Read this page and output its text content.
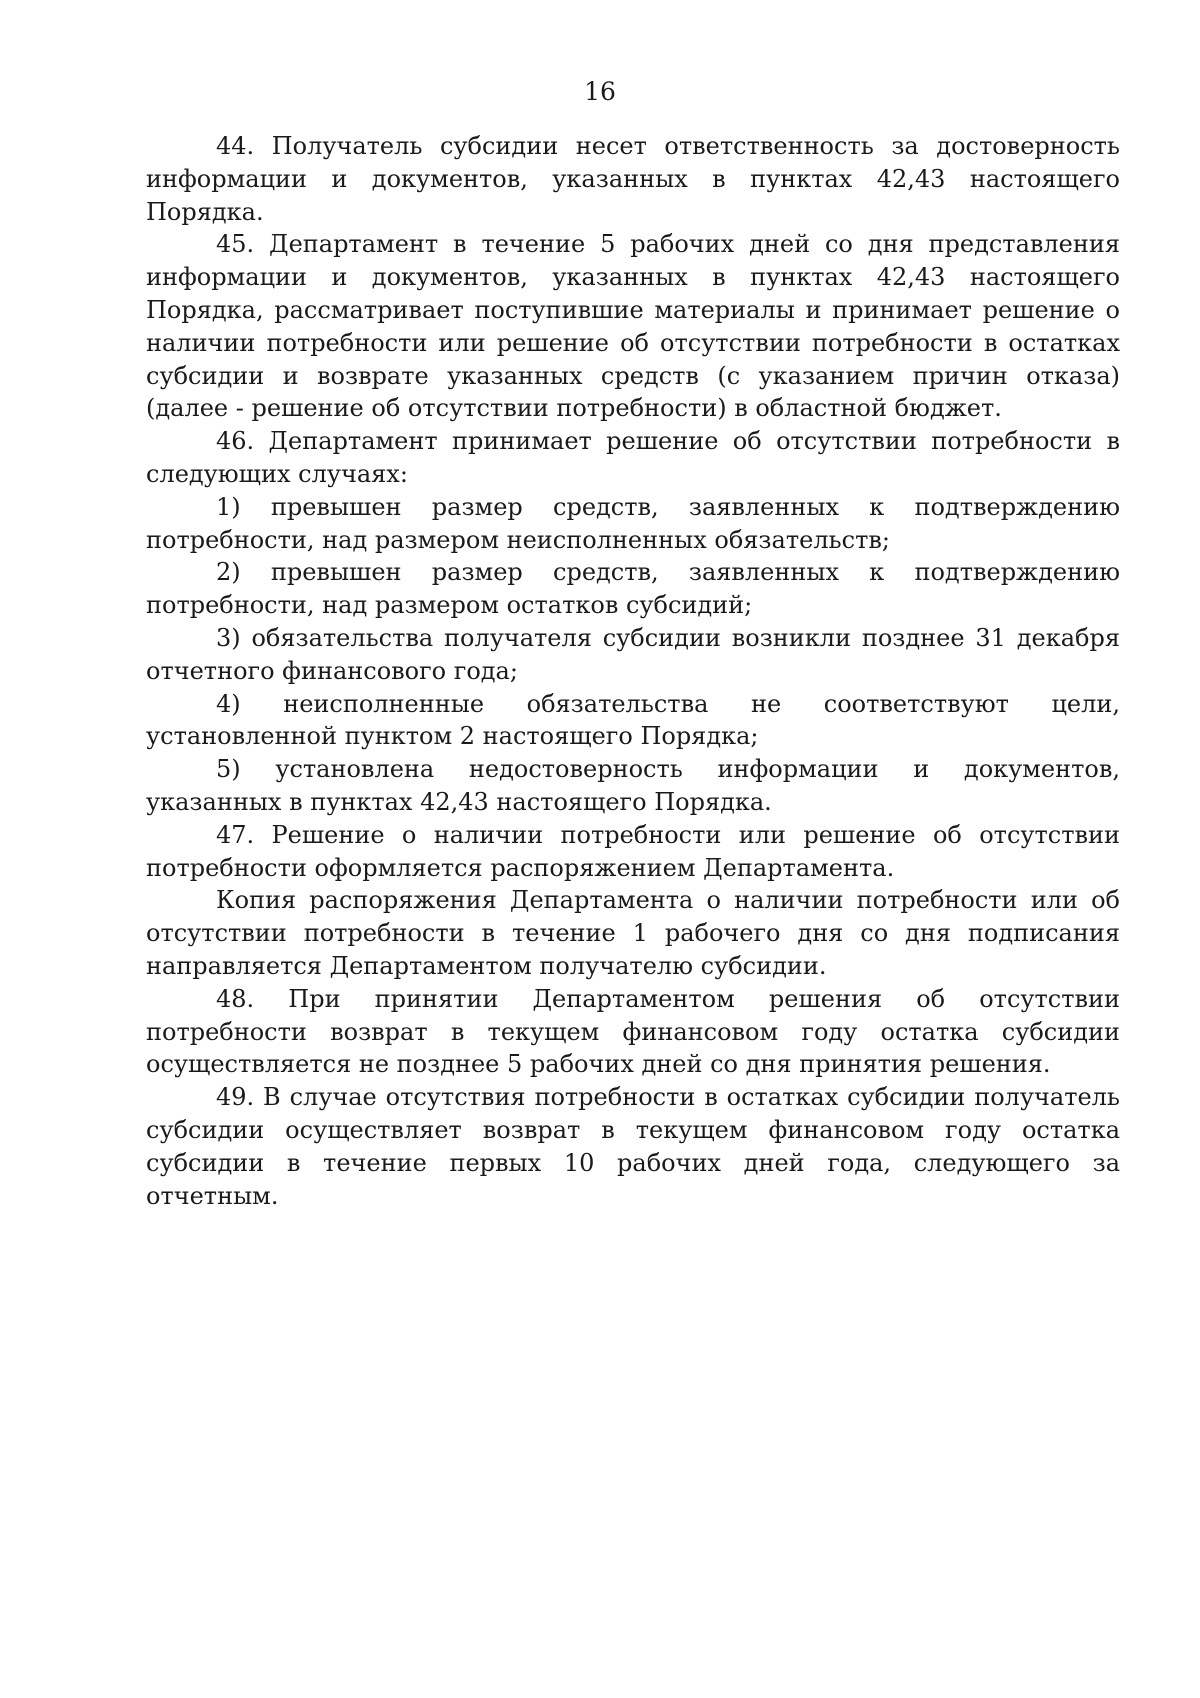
16

44. Получатель субсидии несет ответственность за достоверность информации и документов, указанных в пунктах 42,43 настоящего Порядка.

45. Департамент в течение 5 рабочих дней со дня представления информации и документов, указанных в пунктах 42,43 настоящего Порядка, рассматривает поступившие материалы и принимает решение о наличии потребности или решение об отсутствии потребности в остатках субсидии и возврате указанных средств (с указанием причин отказа) (далее - решение об отсутствии потребности) в областной бюджет.

46. Департамент принимает решение об отсутствии потребности в следующих случаях:

1) превышен размер средств, заявленных к подтверждению потребности, над размером неисполненных обязательств;

2) превышен размер средств, заявленных к подтверждению потребности, над размером остатков субсидий;

3) обязательства получателя субсидии возникли позднее 31 декабря отчетного финансового года;

4) неисполненные обязательства не соответствуют цели, установленной пунктом 2 настоящего Порядка;

5) установлена недостоверность информации и документов, указанных в пунктах 42,43 настоящего Порядка.

47. Решение о наличии потребности или решение об отсутствии потребности оформляется распоряжением Департамента.

Копия распоряжения Департамента о наличии потребности или об отсутствии потребности в течение 1 рабочего дня со дня подписания направляется Департаментом получателю субсидии.

48. При принятии Департаментом решения об отсутствии потребности возврат в текущем финансовом году остатка субсидии осуществляется не позднее 5 рабочих дней со дня принятия решения.

49. В случае отсутствия потребности в остатках субсидии получатель субсидии осуществляет возврат в текущем финансовом году остатка субсидии в течение первых 10 рабочих дней года, следующего за отчетным.
